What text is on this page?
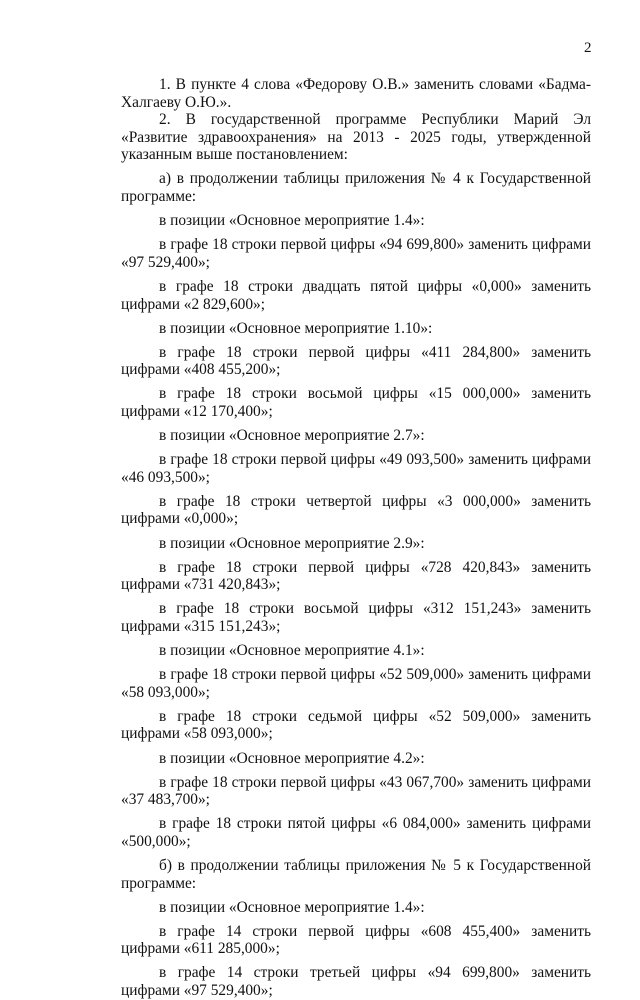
2

1. В пункте 4 слова «Федорову О.В.» заменить словами «Бадма-Халгаеву О.Ю.».

2. В государственной программе Республики Марий Эл «Развитие здравоохранения» на 2013 - 2025 годы, утвержденной указанным выше постановлением:

а) в продолжении таблицы приложения № 4 к Государственной программе:

в позиции «Основное мероприятие 1.4»:

в графе 18 строки первой цифры «94 699,800» заменить цифрами «97 529,400»;

в графе 18 строки двадцать пятой цифры «0,000» заменить цифрами «2 829,600»;

в позиции «Основное мероприятие 1.10»:

в графе 18 строки первой цифры «411 284,800» заменить цифрами «408 455,200»;

в графе 18 строки восьмой цифры «15 000,000» заменить цифрами «12 170,400»;

в позиции «Основное мероприятие 2.7»:

в графе 18 строки первой цифры «49 093,500» заменить цифрами «46 093,500»;

в графе 18 строки четвертой цифры «3 000,000» заменить цифрами «0,000»;

в позиции «Основное мероприятие 2.9»:

в графе 18 строки первой цифры «728 420,843» заменить цифрами «731 420,843»;

в графе 18 строки восьмой цифры «312 151,243» заменить цифрами «315 151,243»;

в позиции «Основное мероприятие 4.1»:

в графе 18 строки первой цифры «52 509,000» заменить цифрами «58 093,000»;

в графе 18 строки седьмой цифры «52 509,000» заменить цифрами «58 093,000»;

в позиции «Основное мероприятие 4.2»:

в графе 18 строки первой цифры «43 067,700» заменить цифрами «37 483,700»;

в графе 18 строки пятой цифры «6 084,000» заменить цифрами «500,000»;

б) в продолжении таблицы приложения № 5 к Государственной программе:

в позиции «Основное мероприятие 1.4»:

в графе 14 строки первой цифры «608 455,400» заменить цифрами «611 285,000»;

в графе 14 строки третьей цифры «94 699,800» заменить цифрами «97 529,400»;
